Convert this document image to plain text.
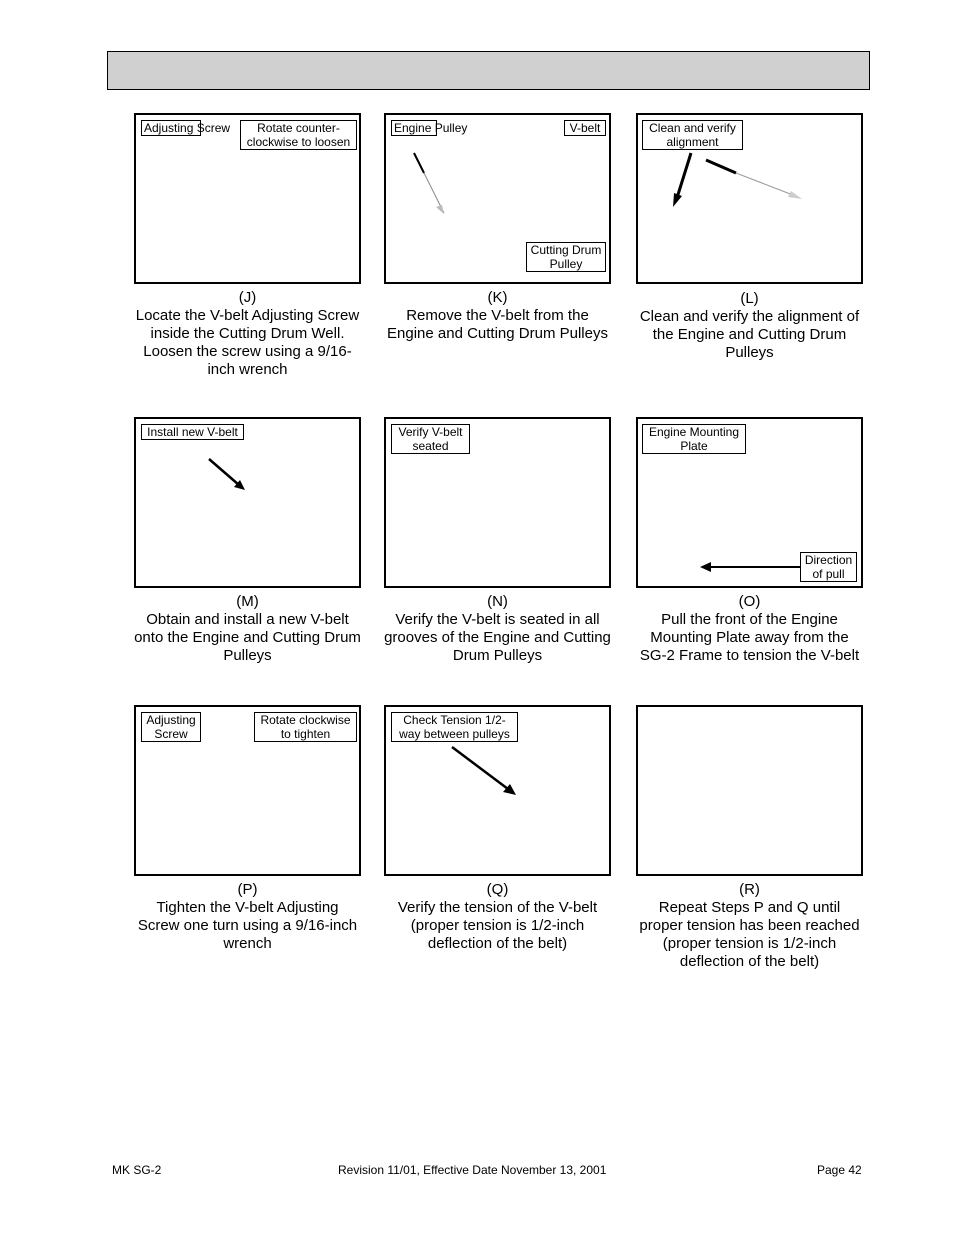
Adjusting Screw	Rotate counter-clockwise to loosen
(J)
Locate the V-belt Adjusting Screw inside the Cutting Drum Well. Loosen the screw using a 9/16-inch wrench
Engine Pulley	V-belt
Cutting Drum Pulley
(K)
Remove the V-belt from the Engine and Cutting Drum Pulleys
Clean and verify alignment
(L)
Clean and verify the alignment of the Engine and Cutting Drum Pulleys
Install new V-belt
(M)
Obtain and install a new V-belt onto the Engine and Cutting Drum Pulleys
Verify V-belt seated
(N)
Verify the V-belt is seated in all grooves of the Engine and Cutting Drum Pulleys
Engine Mounting Plate
Direction of pull
(O)
Pull the front of the Engine Mounting Plate away from the SG-2 Frame to tension the V-belt
Adjusting Screw
Rotate clockwise to tighten
(P)
Tighten the V-belt Adjusting Screw one turn using a 9/16-inch wrench
Check Tension 1/2-way between pulleys
(Q)
Verify the tension of the V-belt (proper tension is 1/2-inch deflection of the belt)
(R)
Repeat Steps P and Q until proper tension has been reached (proper tension is 1/2-inch deflection of the belt)
MK SG-2	Revision 11/01, Effective Date November 13, 2001	Page 42
